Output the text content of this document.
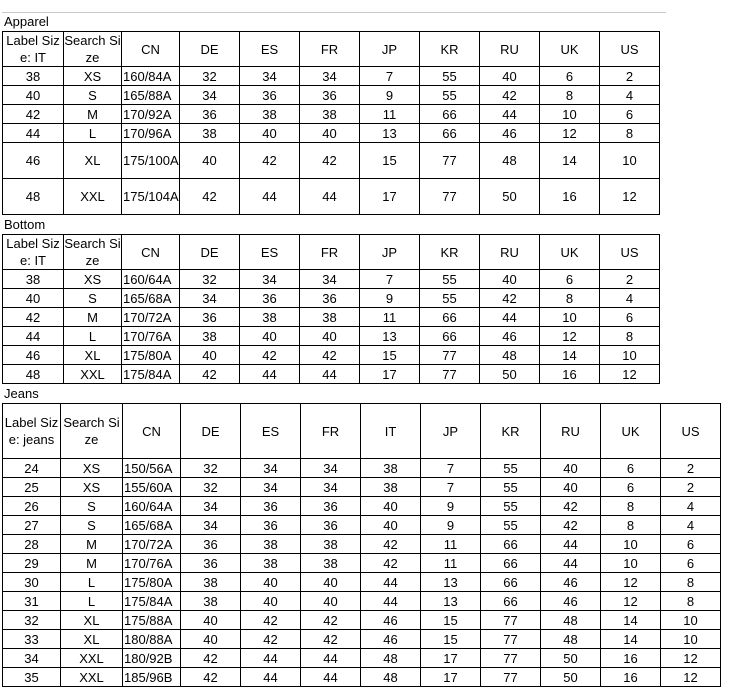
Apparel
Label Size: IT	Search Size	CN	DE	ES	FR	JP	KR	RU	UK	US
38	XS	160/84A	32	34	34	7	55	40	6	2
40	S	165/88A	34	36	36	9	55	42	8	4
42	M	170/92A	36	38	38	11	66	44	10	6
44	L	170/96A	38	40	40	13	66	46	12	8
46	XL	175/100A	40	42	42	15	77	48	14	10
48	XXL	175/104A	42	44	44	17	77	50	16	12
Bottom
Label Size: IT	Search Size	CN	DE	ES	FR	JP	KR	RU	UK	US
38	XS	160/64A	32	34	34	7	55	40	6	2
40	S	165/68A	34	36	36	9	55	42	8	4
42	M	170/72A	36	38	38	11	66	44	10	6
44	L	170/76A	38	40	40	13	66	46	12	8
46	XL	175/80A	40	42	42	15	77	48	14	10
48	XXL	175/84A	42	44	44	17	77	50	16	12
Jeans
Label Size: jeans	Search Size	CN	DE	ES	FR	IT	JP	KR	RU	UK	US
24	XS	150/56A	32	34	34	38	7	55	40	6	2
25	XS	155/60A	32	34	34	38	7	55	40	6	2
26	S	160/64A	34	36	36	40	9	55	42	8	4
27	S	165/68A	34	36	36	40	9	55	42	8	4
28	M	170/72A	36	38	38	42	11	66	44	10	6
29	M	170/76A	36	38	38	42	11	66	44	10	6
30	L	175/80A	38	40	40	44	13	66	46	12	8
31	L	175/84A	38	40	40	44	13	66	46	12	8
32	XL	175/88A	40	42	42	46	15	77	48	14	10
33	XL	180/88A	40	42	42	46	15	77	48	14	10
34	XXL	180/92B	42	44	44	48	17	77	50	16	12
35	XXL	185/96B	42	44	44	48	17	77	50	16	12
